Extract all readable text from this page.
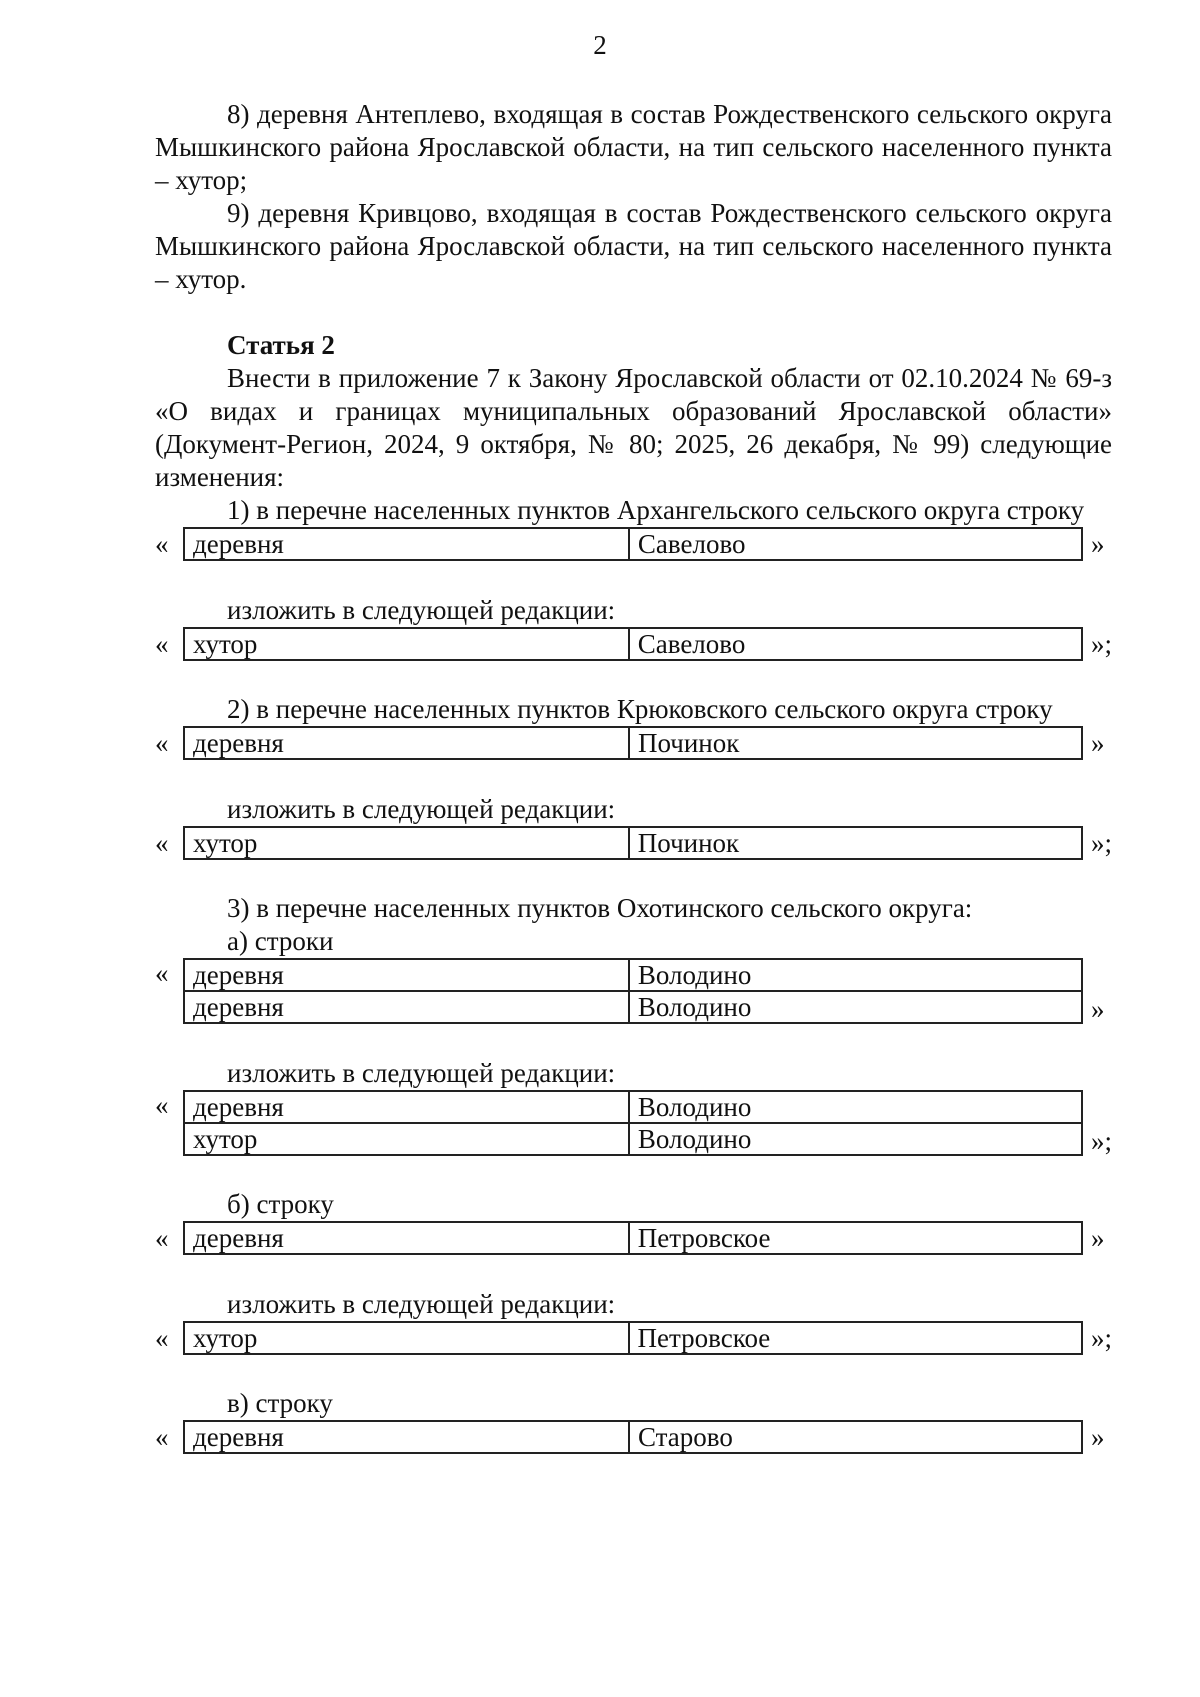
2

8) деревня Антеплево, входящая в состав Рождественского сельского округа Мышкинского района Ярославской области, на тип сельского населенного пункта – хутор;

9) деревня Кривцово, входящая в состав Рождественского сельского округа Мышкинского района Ярославской области, на тип сельского населенного пункта – хутор.

Статья 2

Внести в приложение 7 к Закону Ярославской области от 02.10.2024 № 69-з «О видах и границах муниципальных образований Ярославской области» (Документ-Регион, 2024, 9 октября, № 80; 2025, 26 декабря, № 99) следующие изменения:

1) в перечне населенных пунктов Архангельского сельского округа строку

« деревня	Савелово	»

изложить в следующей редакции:

« хутор	Савелово	»;

2) в перечне населенных пунктов Крюковского сельского округа строку

« деревня	Починок	»

изложить в следующей редакции:

« хутор	Починок	»;

3) в перечне населенных пунктов Охотинского сельского округа:

а) строки

« деревня	Володино
деревня	Володино	»

изложить в следующей редакции:

« деревня	Володино
хутор	Володино	»;

б) строку

« деревня	Петровское	»

изложить в следующей редакции:

« хутор	Петровское	»;

в) строку

« деревня	Старово	»
